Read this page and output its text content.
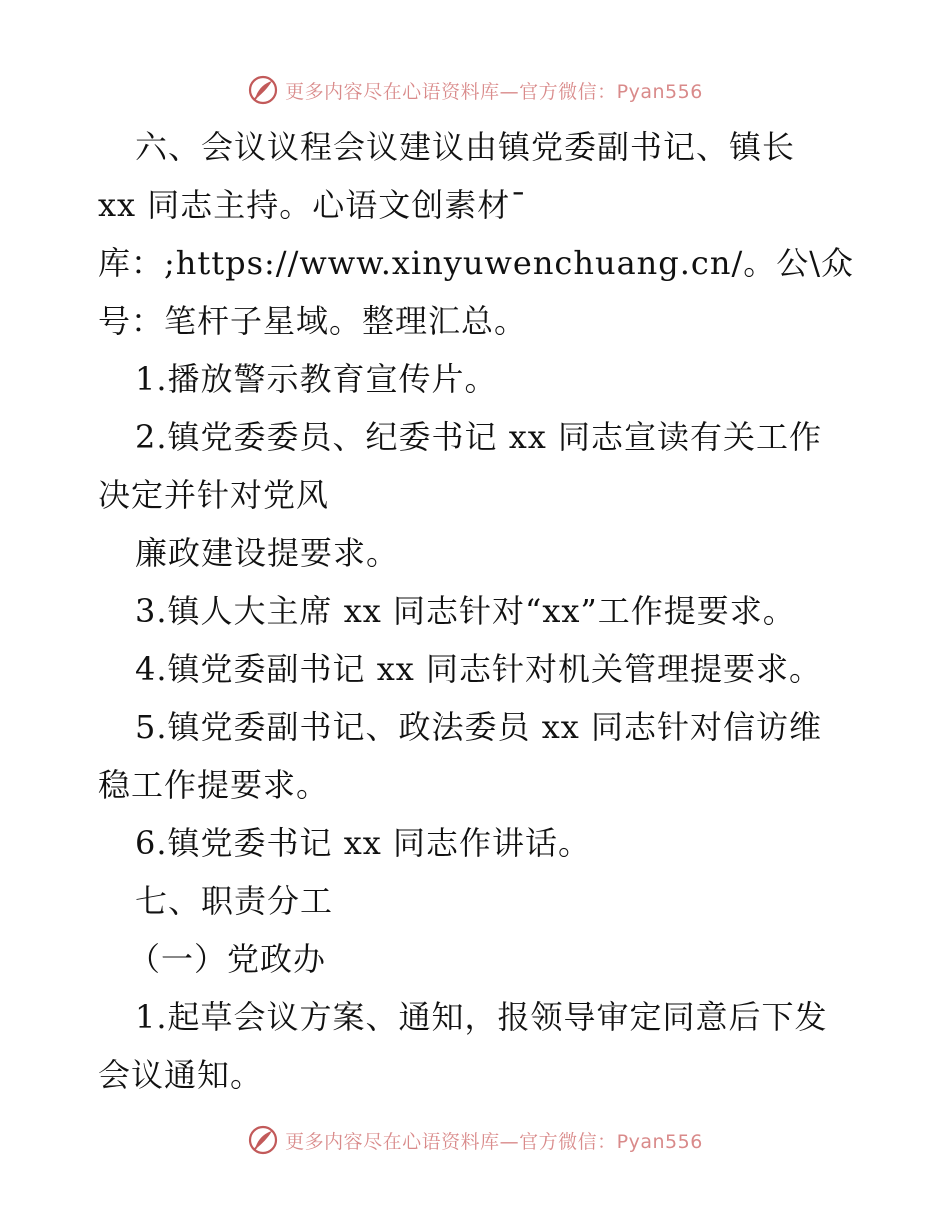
更多内容尽在心语资料库—官方微信：Pyan556
六、会议议程会议建议由镇党委副书记、镇长
xx 同志主持。心语文创素材¯
库：;https://www.xinyuwenchuang.cn/。公\众
号：笔杆子星域。整理汇总。
1.播放警示教育宣传片。
2.镇党委委员、纪委书记 xx 同志宣读有关工作
决定并针对党风
廉政建设提要求。
3.镇人大主席 xx 同志针对“xx”工作提要求。
4.镇党委副书记 xx 同志针对机关管理提要求。
5.镇党委副书记、政法委员 xx 同志针对信访维
稳工作提要求。
6.镇党委书记 xx 同志作讲话。
七、职责分工
（一）党政办
1.起草会议方案、通知，报领导审定同意后下发
会议通知。
更多内容尽在心语资料库—官方微信：Pyan556
